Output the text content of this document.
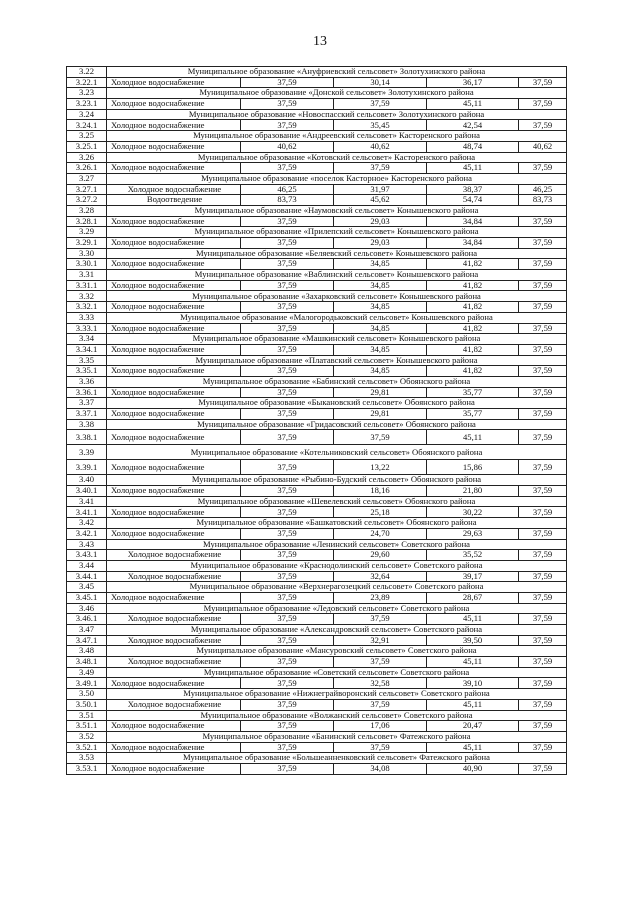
13
3.22	Муниципальное образование «Ануфриевский сельсовет» Золотухинского района				
3.22.1	Холодное водоснабжение	37,59	30,14	36,17	37,59
3.23	Муниципальное образование «Донской сельсовет» Золотухинского района				
3.23.1	Холодное водоснабжение	37,59	37,59	45,11	37,59
3.24	Муниципальное образование «Новоспасский сельсовет» Золотухинского района				
3.24.1	Холодное водоснабжение	37,59	35,45	42,54	37,59
3.25	Муниципальное образование «Андреевский сельсовет» Касторенского района				
3.25.1	Холодное водоснабжение	40,62	40,62	48,74	40,62
3.26	Муниципальное образование «Котовский сельсовет» Касторенского района				
3.26.1	Холодное водоснабжение	37,59	37,59	45,11	37,59
3.27	Муниципальное образование «поселок Касторное» Касторенского района				
3.27.1	Холодное водоснабжение	46,25	31,97	38,37	46,25
3.27.2	Водоотведение	83,73	45,62	54,74	83,73
3.28	Муниципальное образование «Наумовский сельсовет» Конышевского района				
3.28.1	Холодное водоснабжение	37,59	29,03	34,84	37,59
3.29	Муниципальное образование «Прилепский сельсовет» Конышевского района				
3.29.1	Холодное водоснабжение	37,59	29,03	34,84	37,59
3.30	Муниципальное образование «Беляевский сельсовет» Конышевского района				
3.30.1	Холодное водоснабжение	37,59	34,85	41,82	37,59
3.31	Муниципальное образование «Ваблинский сельсовет» Конышевского района				
3.31.1	Холодное водоснабжение	37,59	34,85	41,82	37,59
3.32	Муниципальное образование «Захарковский сельсовет» Конышевского района				
3.32.1	Холодное водоснабжение	37,59	34,85	41,82	37,59
3.33	Муниципальное образование «Малогородьковский сельсовет» Конышевского района				
3.33.1	Холодное водоснабжение	37,59	34,85	41,82	37,59
3.34	Муниципальное образование «Машкинский сельсовет» Конышевского района				
3.34.1	Холодное водоснабжение	37,59	34,85	41,82	37,59
3.35	Муниципальное образование «Платавский сельсовет» Конышевского района				
3.35.1	Холодное водоснабжение	37,59	34,85	41,82	37,59
3.36	Муниципальное образование «Бабинский сельсовет» Обоянского района				
3.36.1	Холодное водоснабжение	37,59	29,81	35,77	37,59
3.37	Муниципальное образование «Быкановский сельсовет» Обоянского района				
3.37.1	Холодное водоснабжение	37,59	29,81	35,77	37,59
3.38	Муниципальное образование «Гридасовский сельсовет» Обоянского района				
3.38.1	Холодное водоснабжение	37,59	37,59	45,11	37,59
3.39	Муниципальное образование «Котельниковский сельсовет» Обоянского района				
3.39.1	Холодное водоснабжение	37,59	13,22	15,86	37,59
3.40	Муниципальное образование «Рыбино-Будский сельсовет» Обоянского района				
3.40.1	Холодное водоснабжение	37,59	18,16	21,80	37,59
3.41	Муниципальное образование «Шевелевский сельсовет» Обоянского района				
3.41.1	Холодное водоснабжение	37,59	25,18	30,22	37,59
3.42	Муниципальное образование «Башкатовский сельсовет» Обоянского района				
3.42.1	Холодное водоснабжение	37,59	24,70	29,63	37,59
3.43	Муниципальное образование «Ленинский сельсовет» Советского района				
3.43.1	Холодное водоснабжение	37,59	29,60	35,52	37,59
3.44	Муниципальное образование «Краснодолинский сельсовет» Советского района				
3.44.1	Холодное водоснабжение	37,59	32,64	39,17	37,59
3.45	Муниципальное образование «Верхнерагозецкий сельсовет» Советского района				
3.45.1	Холодное водоснабжение	37,59	23,89	28,67	37,59
3.46	Муниципальное образование «Ледовский сельсовет» Советского района				
3.46.1	Холодное водоснабжение	37,59	37,59	45,11	37,59
3.47	Муниципальное образование «Александровский сельсовет» Советского района				
3.47.1	Холодное водоснабжение	37,59	32,91	39,50	37,59
3.48	Муниципальное образование «Мансуровский сельсовет» Советского района				
3.48.1	Холодное водоснабжение	37,59	37,59	45,11	37,59
3.49	Муниципальное образование «Советский сельсовет» Советского района				
3.49.1	Холодное водоснабжение	37,59	32,58	39,10	37,59
3.50	Муниципальное образование «Нижнеграйворонский сельсовет» Советского района				
3.50.1	Холодное водоснабжение	37,59	37,59	45,11	37,59
3.51	Муниципальное образование «Волжанский сельсовет» Советского района				
3.51.1	Холодное водоснабжение	37,59	17,06	20,47	37,59
3.52	Муниципальное образование «Банинский сельсовет» Фатежского района				
3.52.1	Холодное водоснабжение	37,59	37,59	45,11	37,59
3.53	Муниципальное образование «Большеанненковский сельсовет» Фатежского района				
3.53.1	Холодное водоснабжение	37,59	34,08	40,90	37,59
